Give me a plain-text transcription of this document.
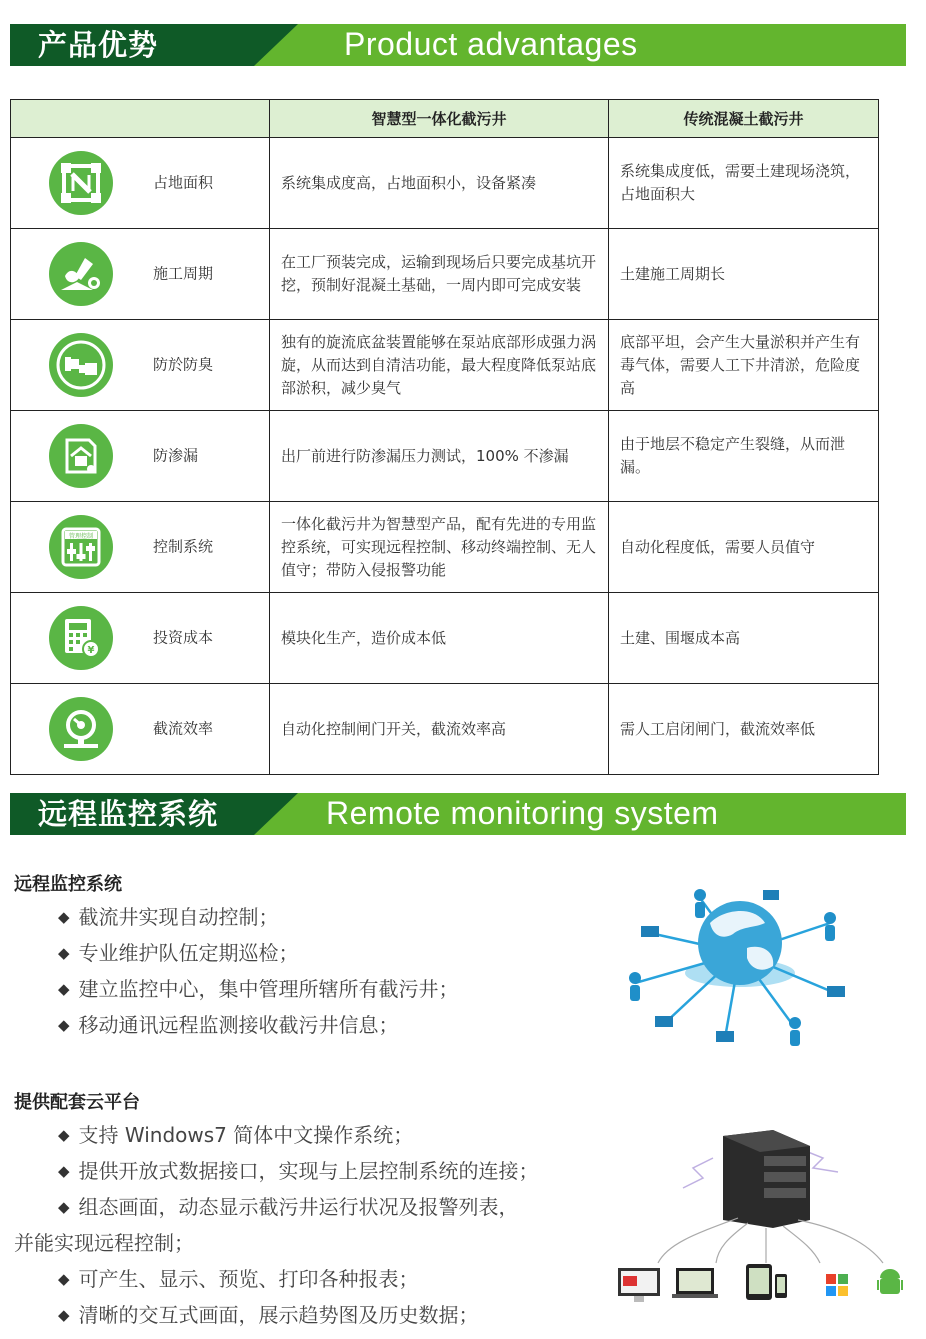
产品优势	Product advantages
	智慧型一体化截污井	传统混凝土截污井

占地面积	系统集成度高，占地面积小，设备紧凑	系统集成度低，需要土建现场浇筑，占地面积大

施工周期	在工厂预装完成，运输到现场后只要完成基坑开挖，预制好混凝土基础，一周内即可完成安装	土建施工周期长

防於防臭	独有的旋流底盆装置能够在泵站底部形成强力涡旋，从而达到自清洁功能，最大程度降低泵站底部淤积，减少臭气	底部平坦，会产生大量淤积并产生有毒气体，需要人工下井清淤，危险度高

防渗漏	出厂前进行防渗漏压力测试，100% 不渗漏	由于地层不稳定产生裂缝，从而泄漏。

管理控制
控制系统	一体化截污井为智慧型产品，配有先进的专用监控系统，可实现远程控制、移动终端控制、无人值守；带防入侵报警功能	自动化程度低，需要人员值守

¥
投资成本	模块化生产，造价成本低	土建、围堰成本高

截流效率	自动化控制闸门开关，截流效率高	需人工启闭闸门，截流效率低
远程监控系统	Remote monitoring system
远程监控系统
◆ 截流井实现自动控制；
◆ 专业维护队伍定期巡检；
◆ 建立监控中心，集中管理所辖所有截污井；
◆ 移动通讯远程监测接收截污井信息；
提供配套云平台
◆ 支持 Windows7 简体中文操作系统；
◆ 提供开放式数据接口，实现与上层控制系统的连接；
◆ 组态画面，动态显示截污井运行状况及报警列表，
并能实现远程控制；
◆ 可产生、显示、预览、打印各种报表；
◆ 清晰的交互式画面，展示趋势图及历史数据；
